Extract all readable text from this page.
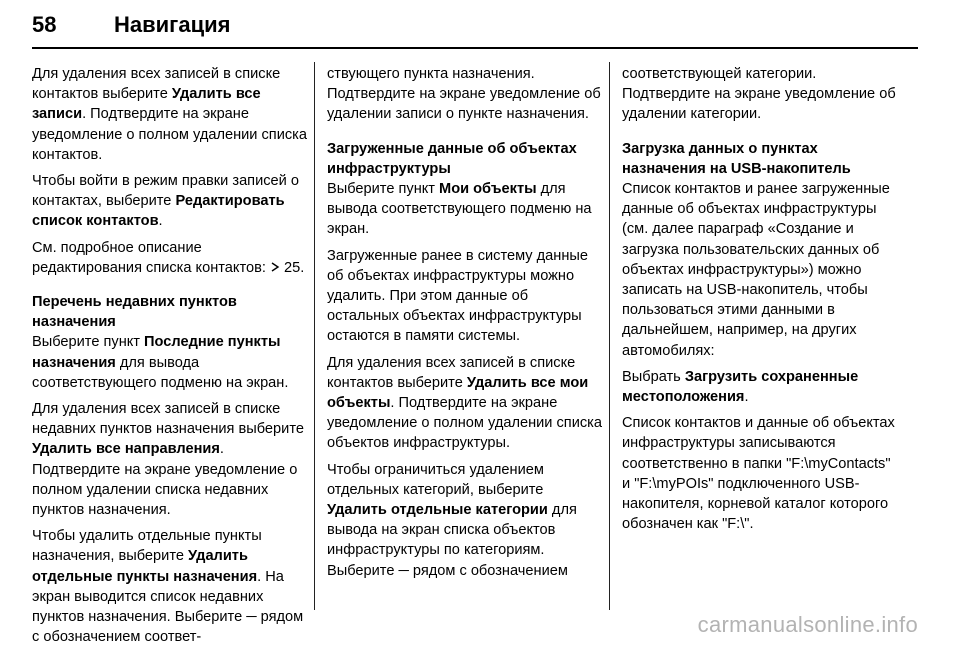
58	Навигация

Для удаления всех записей в списке контактов выберите Удалить все записи. Подтвердите на экране уведомление о полном удалении списка контактов.

Чтобы войти в режим правки записей о контактах, выберите Редактировать список контактов.

См. подробное описание редактирования списка контактов:  25.

Перечень недавних пунктов назначения

Выберите пункт Последние пункты назначения для вывода соответствующего подменю на экран.

Для удаления всех записей в списке недавних пунктов назначения выберите Удалить все направления. Подтвердите на экране уведомление о полном удалении списка недавних пунктов назначения.

Чтобы удалить отдельные пункты назначения, выберите Удалить отдельные пункты назначения. На экран выводится список недавних пунктов назначения. Выберите ─ рядом с обозначением соответ-

ствующего пункта назначения. Подтвердите на экране уведомление об удалении записи о пункте назначения.

Загруженные данные об объектах инфраструктуры

Выберите пункт Мои объекты для вывода соответствующего подменю на экран.

Загруженные ранее в систему данные об объектах инфраструктуры можно удалить. При этом данные об остальных объектах инфраструктуры остаются в памяти системы.

Для удаления всех записей в списке контактов выберите Удалить все мои объекты. Подтвердите на экране уведомление о полном удалении списка объектов инфраструктуры.

Чтобы ограничиться удалением отдельных категорий, выберите Удалить отдельные категории для вывода на экран списка объектов инфраструктуры по категориям. Выберите ─ рядом с обозначением

соответствующей категории. Подтвердите на экране уведомление об удалении категории.

Загрузка данных о пунктах назначения на USB-накопитель

Список контактов и ранее загруженные данные об объектах инфраструктуры (см. далее параграф «Создание и загрузка пользовательских данных об объектах инфраструктуры») можно записать на USB-накопитель, чтобы пользоваться этими данными в дальнейшем, например, на других автомобилях:

Выбрать Загрузить сохраненные местоположения.

Список контактов и данные об объектах инфраструктуры записываются соответственно в папки "F:\myContacts" и "F:\myPOIs" подключенного USB-накопителя, корневой каталог которого обозначен как "F:\".

carmanualsonline.info
